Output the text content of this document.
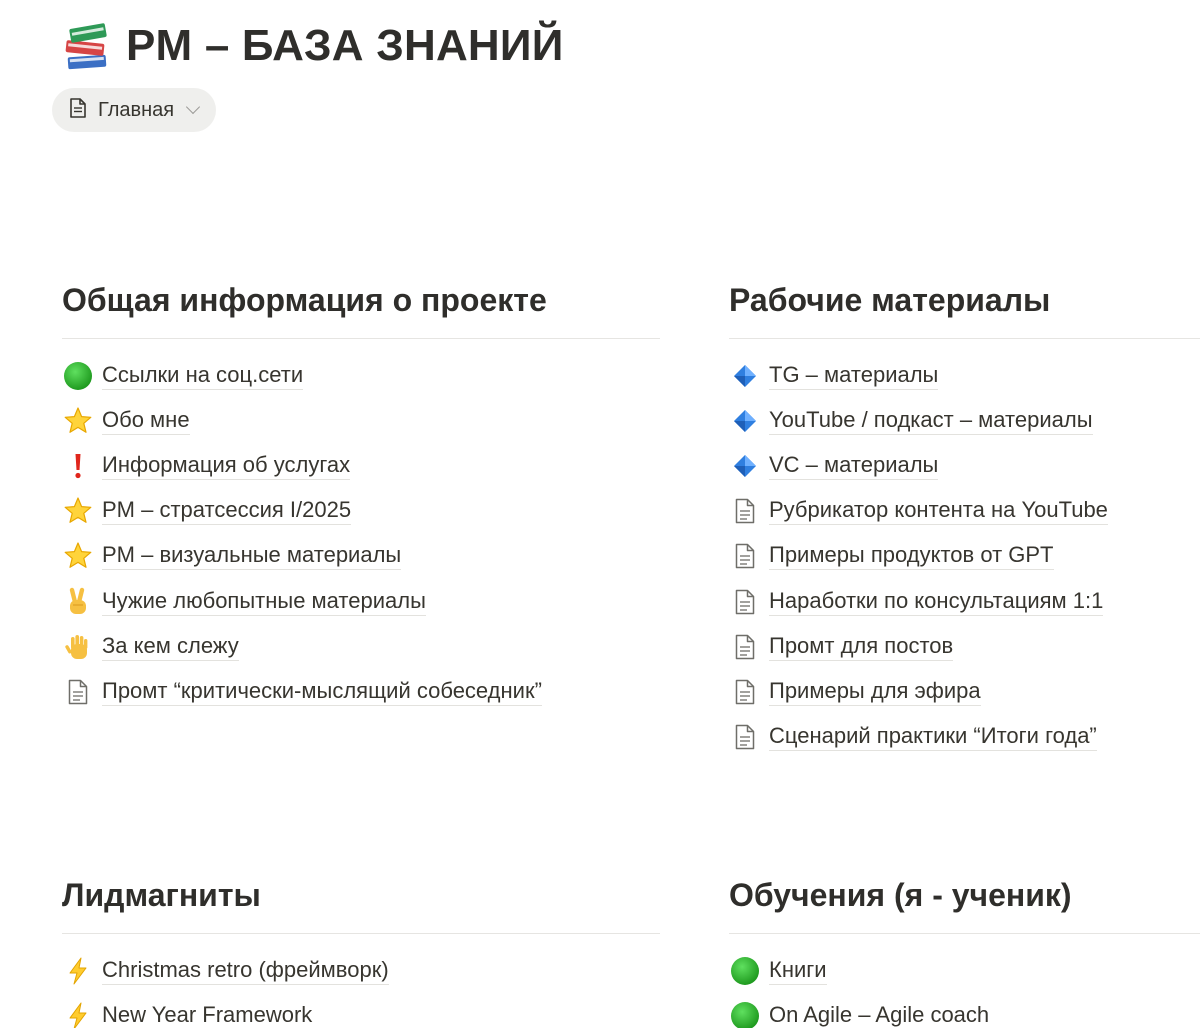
PM – БАЗА ЗНАНИЙ
Главная
Общая информация о проекте
Ссылки на соц.сети
Обо мне
Информация об услугах
PM – стратсессия I/2025
PM – визуальные материалы
Чужие любопытные материалы
За кем слежу
Промт “критически-мыслящий собеседник”
Рабочие материалы
TG – материалы
YouTube / подкаст – материалы
VC – материалы
Рубрикатор контента на YouTube
Примеры продуктов от GPT
Наработки по консультациям 1:1
Промт для постов
Примеры для эфира
Сценарий практики “Итоги года”
Лидмагниты
Christmas retro (фреймворк)
New Year Framework
Обучения (я - ученик)
Книги
On Agile – Agile coach
